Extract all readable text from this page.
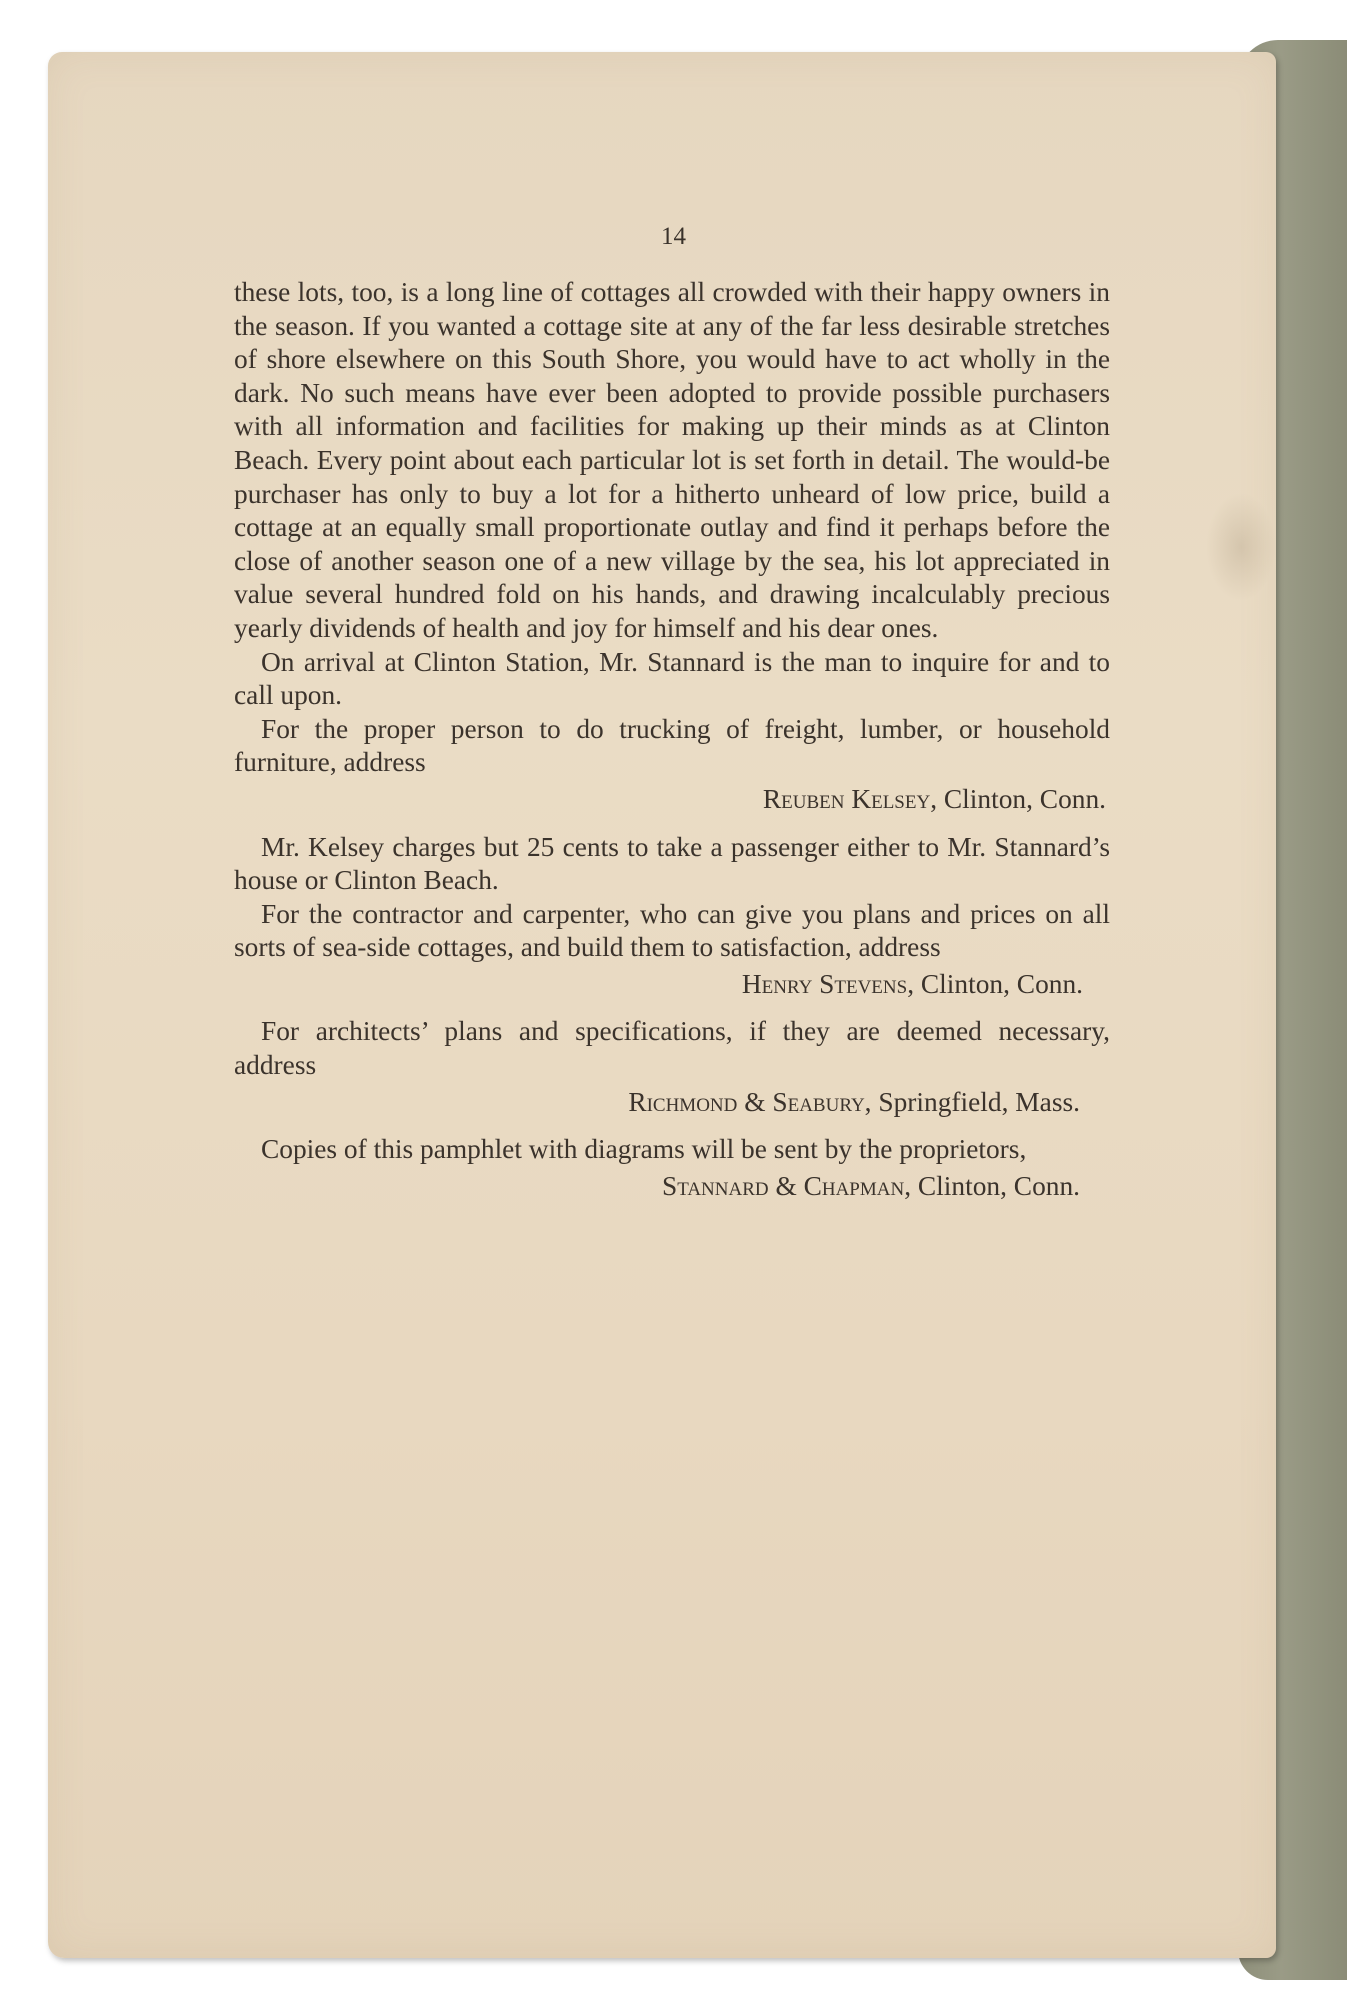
14

these lots, too, is a long line of cottages all crowded with their happy owners in the season. If you wanted a cottage site at any of the far less desirable stretches of shore elsewhere on this South Shore, you would have to act wholly in the dark. No such means have ever been adopted to provide possible purchasers with all information and facilities for making up their minds as at Clinton Beach. Every point about each particular lot is set forth in detail. The would-be purchaser has only to buy a lot for a hitherto unheard of low price, build a cottage at an equally small proportionate outlay and find it perhaps before the close of another season one of a new village by the sea, his lot appreciated in value several hundred fold on his hands, and drawing incalculably precious yearly dividends of health and joy for himself and his dear ones.

On arrival at Clinton Station, Mr. Stannard is the man to inquire for and to call upon.

For the proper person to do trucking of freight, lumber, or household furniture, address

Reuben Kelsey, Clinton, Conn.

Mr. Kelsey charges but 25 cents to take a passenger either to Mr. Stannard’s house or Clinton Beach.

For the contractor and carpenter, who can give you plans and prices on all sorts of sea-side cottages, and build them to satisfaction, address

Henry Stevens, Clinton, Conn.

For architects’ plans and specifications, if they are deemed necessary, address

Richmond & Seabury, Springfield, Mass.

Copies of this pamphlet with diagrams will be sent by the proprietors,

Stannard & Chapman, Clinton, Conn.
